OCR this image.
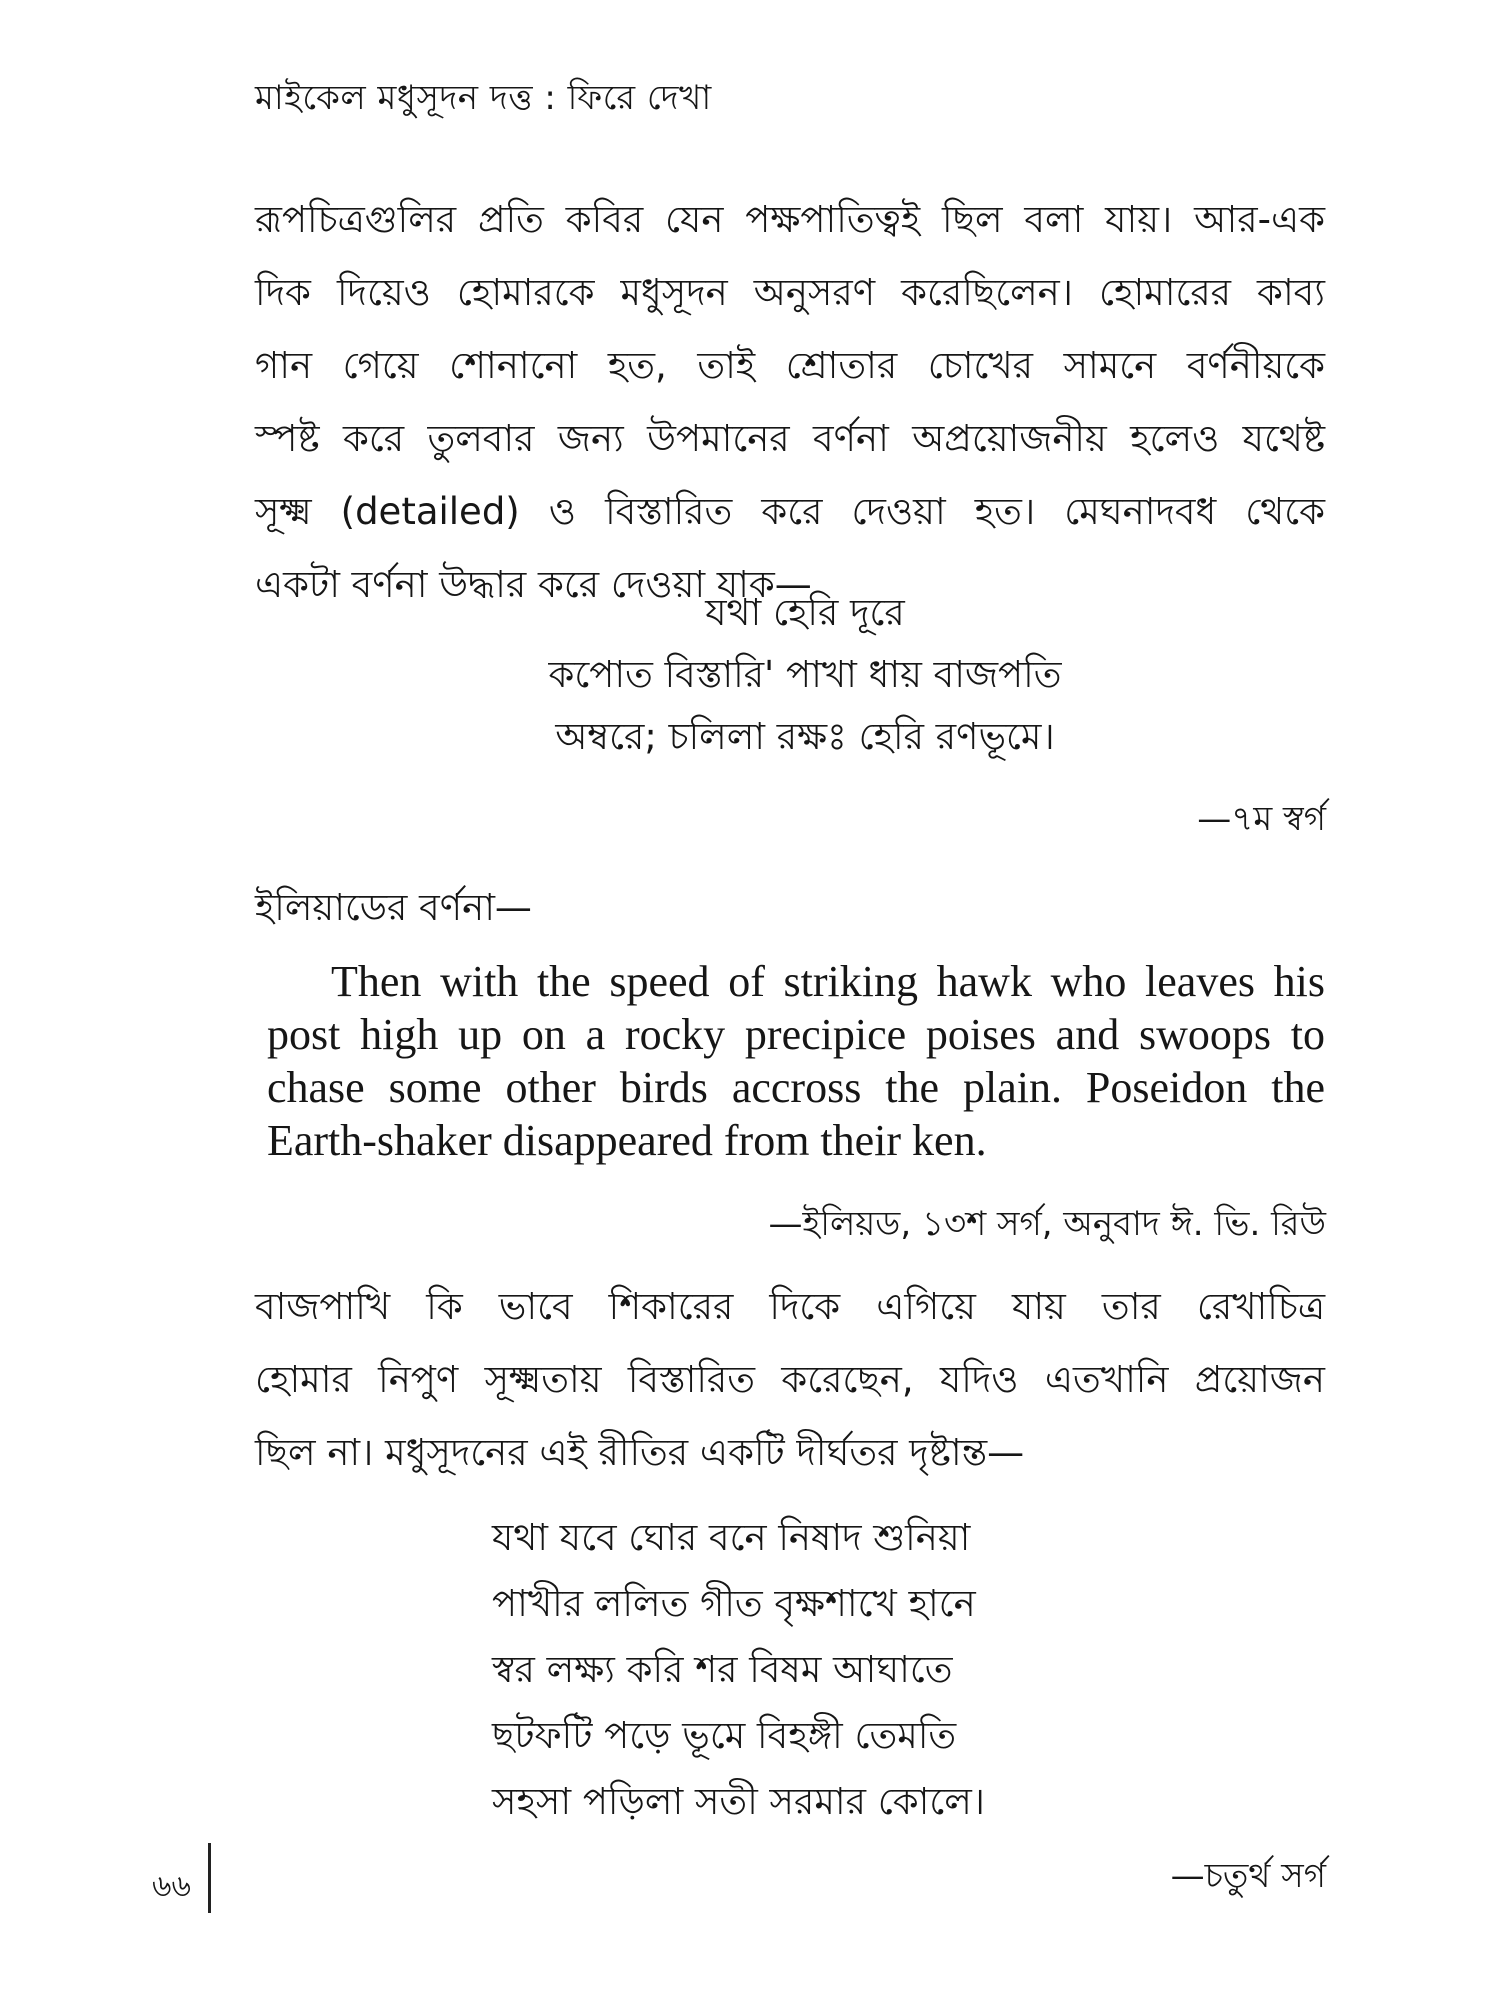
মাইকেল মধুসূদন দত্ত : ফিরে দেখা
রূপচিত্রগুলির প্রতি কবির যেন পক্ষপাতিত্বই ছিল বলা যায়। আর-এক
দিক দিয়েও হোমারকে মধুসূদন অনুসরণ করেছিলেন। হোমারের কাব্য
গান গেয়ে শোনানো হত, তাই শ্রোতার চোখের সামনে বর্ণনীয়কে
স্পষ্ট করে তুলবার জন্য উপমানের বর্ণনা অপ্রয়োজনীয় হলেও যথেষ্ট
সূক্ষ্ম (detailed) ও বিস্তারিত করে দেওয়া হত। মেঘনাদবধ থেকে
একটা বর্ণনা উদ্ধার করে দেওয়া যাক—
যথা হেরি দূরে
কপোত বিস্তারি' পাখা ধায় বাজপতি
অম্বরে; চলিলা রক্ষঃ হেরি রণভূমে।
—৭ম স্বর্গ
ইলিয়াডের বর্ণনা—
Then with the speed of striking hawk who leaves his
post high up on a rocky precipice poises and swoops to
chase some other birds accross the plain. Poseidon the
Earth-shaker disappeared from their ken.
—ইলিয়ড, ১৩শ সর্গ, অনুবাদ ঈ. ভি. রিউ
বাজপাখি কি ভাবে শিকারের দিকে এগিয়ে যায় তার রেখাচিত্র
হোমার নিপুণ সূক্ষ্মতায় বিস্তারিত করেছেন, যদিও এতখানি প্রয়োজন
ছিল না। মধুসূদনের এই রীতির একটি দীর্ঘতর দৃষ্টান্ত—
যথা যবে ঘোর বনে নিষাদ শুনিয়া
পাখীর ললিত গীত বৃক্ষশাখে হানে
স্বর লক্ষ্য করি শর বিষম আঘাতে
ছটফটি পড়ে ভূমে বিহঙ্গী তেমতি
সহসা পড়িলা সতী সরমার কোলে।
—চতুর্থ সর্গ
৬৬
